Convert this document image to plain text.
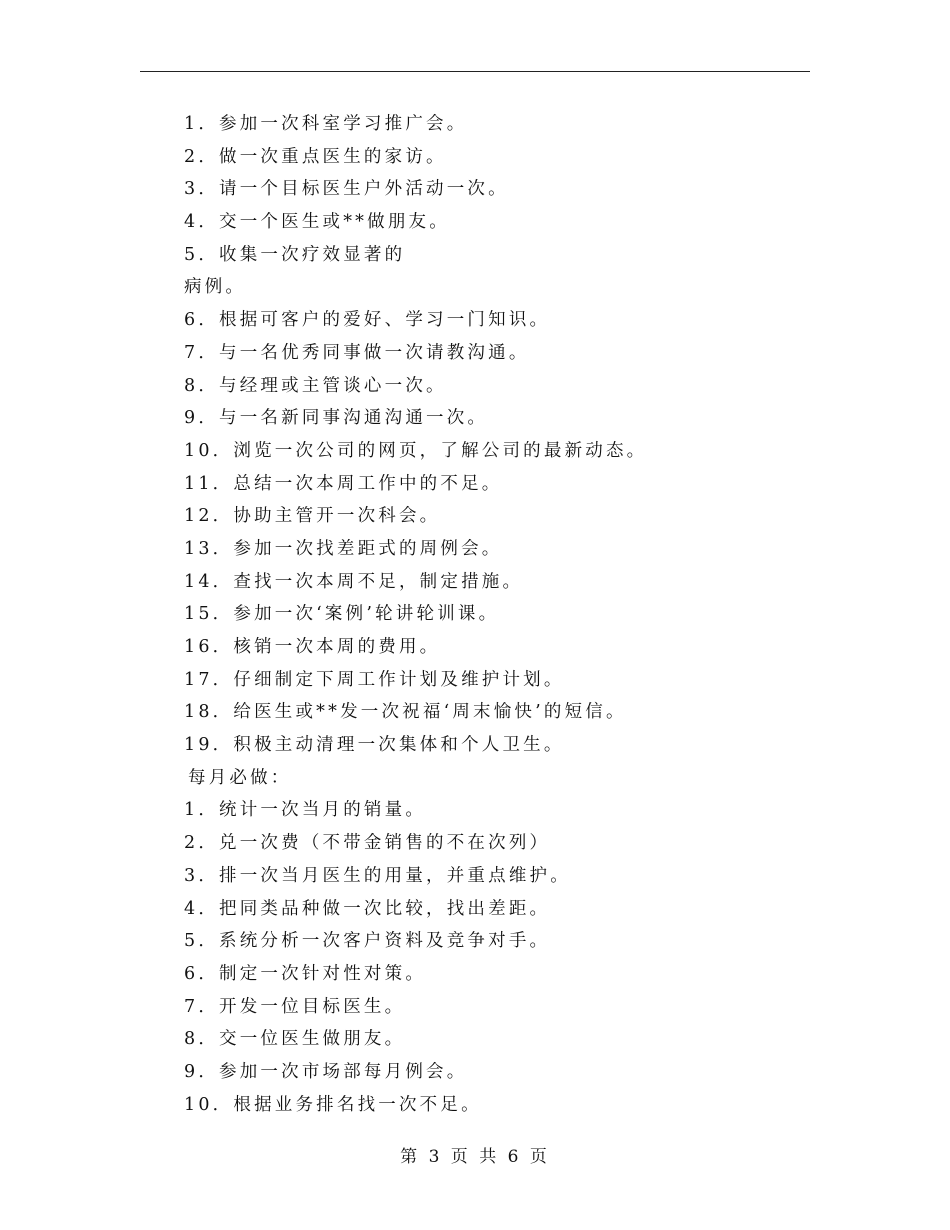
1．参加一次科室学习推广会。
2．做一次重点医生的家访。
3．请一个目标医生户外活动一次。
4．交一个医生或**做朋友。
5．收集一次疗效显著的
病例。
6．根据可客户的爱好、学习一门知识。
7．与一名优秀同事做一次请教沟通。
8．与经理或主管谈心一次。
9．与一名新同事沟通沟通一次。
10．浏览一次公司的网页，了解公司的最新动态。
11．总结一次本周工作中的不足。
12．协助主管开一次科会。
13．参加一次找差距式的周例会。
14．查找一次本周不足，制定措施。
15．参加一次‘案例’轮讲轮训课。
16．核销一次本周的费用。
17．仔细制定下周工作计划及维护计划。
18．给医生或**发一次祝福‘周末愉快’的短信。
19．积极主动清理一次集体和个人卫生。
每月必做：
1．统计一次当月的销量。
2．兑一次费（不带金销售的不在次列）
3．排一次当月医生的用量，并重点维护。
4．把同类品种做一次比较，找出差距。
5．系统分析一次客户资料及竞争对手。
6．制定一次针对性对策。
7．开发一位目标医生。
8．交一位医生做朋友。
9．参加一次市场部每月例会。
10．根据业务排名找一次不足。
第 3 页 共 6 页
